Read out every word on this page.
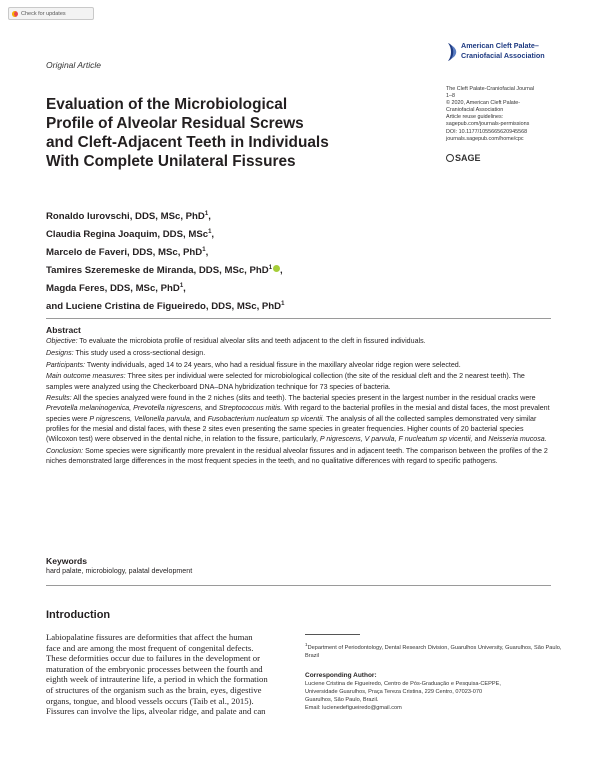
Check for updates
Original Article
American Cleft Palate–
Craniofacial Association
The Cleft Palate-Craniofacial Journal
1–8
© 2020, American Cleft Palate-
Craniofacial Association
Article reuse guidelines:
sagepub.com/journals-permissions
DOI: 10.1177/1055665620945568
journals.sagepub.com/home/cpc
SAGE
Evaluation of the Microbiological
Profile of Alveolar Residual Screws
and Cleft-Adjacent Teeth in Individuals
With Complete Unilateral Fissures
Ronaldo Iurovschi, DDS, MSc, PhD$^1$,
Claudia Regina Joaquim, DDS, MSc$^1$,
Marcelo de Faveri, DDS, MSc, PhD$^1$,
Tamires Szeremeske de Miranda, DDS, MSc, PhD$^1$ ,
Magda Feres, DDS, MSc, PhD$^1$,
and Luciene Cristina de Figueiredo, DDS, MSc, PhD$^1$
Abstract

Objective: To evaluate the microbiota profile of residual alveolar slits and teeth adjacent to the cleft in fissured individuals.

Designs: This study used a cross-sectional design.

Participants: Twenty individuals, aged 14 to 24 years, who had a residual fissure in the maxillary alveolar ridge region were selected.

Main outcome measures: Three sites per individual were selected for microbiological collection (the site of the residual cleft and the 2 nearest teeth). The samples were analyzed using the Checkerboard DNA–DNA hybridization technique for 73 species of bacteria.

Results: All the species analyzed were found in the 2 niches (slits and teeth). The bacterial species present in the largest number in the residual cracks were Prevotella melaninogenica, Prevotella nigrescens, and Streptococcus mitis. With regard to the bacterial profiles in the mesial and distal faces, the most prevalent species were P nigrescens, Vellonella parvula, and Fusobacterium nucleatum sp vicentii. The analysis of all the collected samples demonstrated very similar profiles for the mesial and distal faces, with these 2 sites even presenting the same species in greater frequencies. Higher counts of 20 bacterial species (Wilcoxon test) were observed in the dental niche, in relation to the fissure, particularly, P nigrescens, V parvula, F nucleatum sp vicentii, and Neisseria mucosa.

Conclusion: Some species were significantly more prevalent in the residual alveolar fissures and in adjacent teeth. The comparison between the profiles of the 2 niches demonstrated large differences in the most frequent species in the teeth, and no qualitative differences with regard to specific pathogens.

Keywords
hard palate, microbiology, palatal development
Introduction
Labiopalatine fissures are deformities that affect the human
face and are among the most frequent of congenital defects.
These deformities occur due to failures in the development or
maturation of the embryonic processes between the fourth and
eighth week of intrauterine life, a period in which the formation
of structures of the organism such as the brain, eyes, digestive
organs, tongue, and blood vessels occurs (Taib et al., 2015).
Fissures can involve the lips, alveolar ridge, and palate and can
$^1$Department of Periodontology, Dental Research Division, Guarulhos University, Guarulhos, São Paulo, Brazil
Corresponding Author:
Luciene Cristina de Figueiredo, Centro de Pós-Graduação e Pesquisa-CEPPE,
Universidade Guarulhos, Praça Tereza Cristina, 229 Centro, 07023-070
Guarulhos, São Paulo, Brazil.
Email: lucienedefigueiredo@gmail.com
